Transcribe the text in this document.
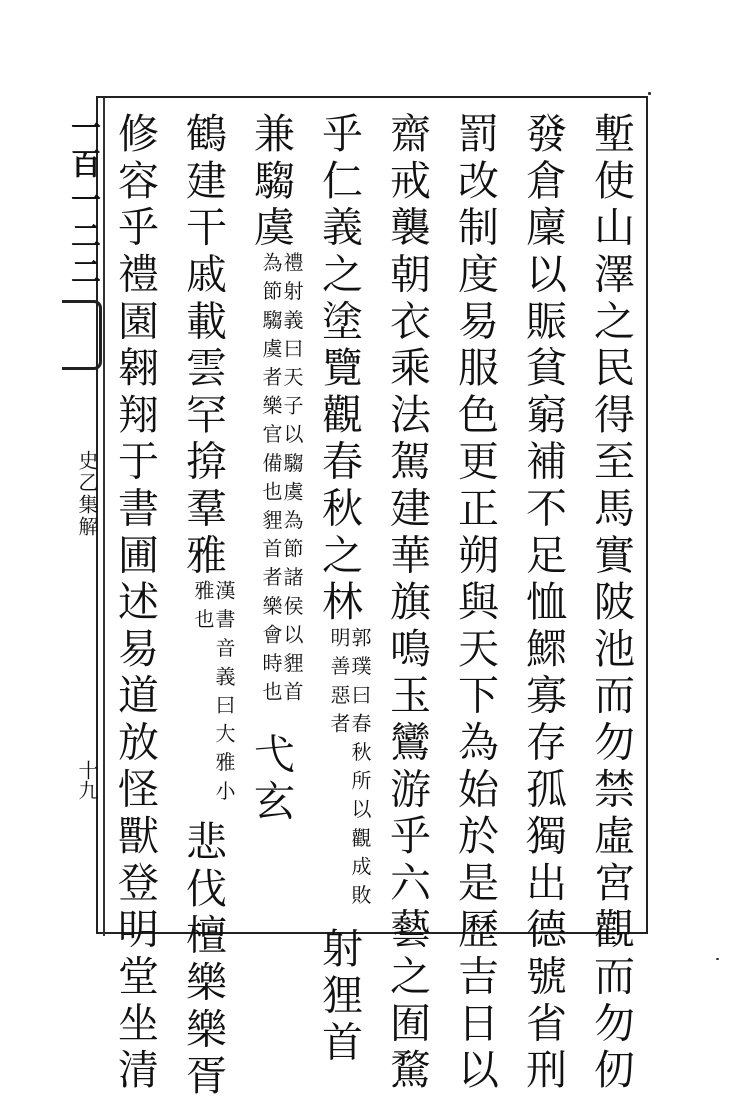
一百一二二
史乙集解
十九	塹使山澤之民得至馬實陂池而勿禁虛宮觀而勿仞
發倉廩以賑貧窮補不足恤鰥寡存孤獨出德號省刑
罰改制度易服色更正朔與天下為始於是歷吉日以
齋戒襲朝衣乘法駕建華旗鳴玉鸞游乎六藝之囿騖
乎仁義之塗覽觀春秋之林郭璞曰春秋所以觀成敗明善惡者射狸首
兼騶虞禮射義曰天子以騶虞為節諸侯以貍首為節騶虞者樂官備也貍首者樂會時也弋玄
鶴建干戚載雲罕揜羣雅漢書音義曰大雅小雅也悲伐檀樂樂胥
修容乎禮園翱翔于書圃述易道放怪獸登明堂坐清
